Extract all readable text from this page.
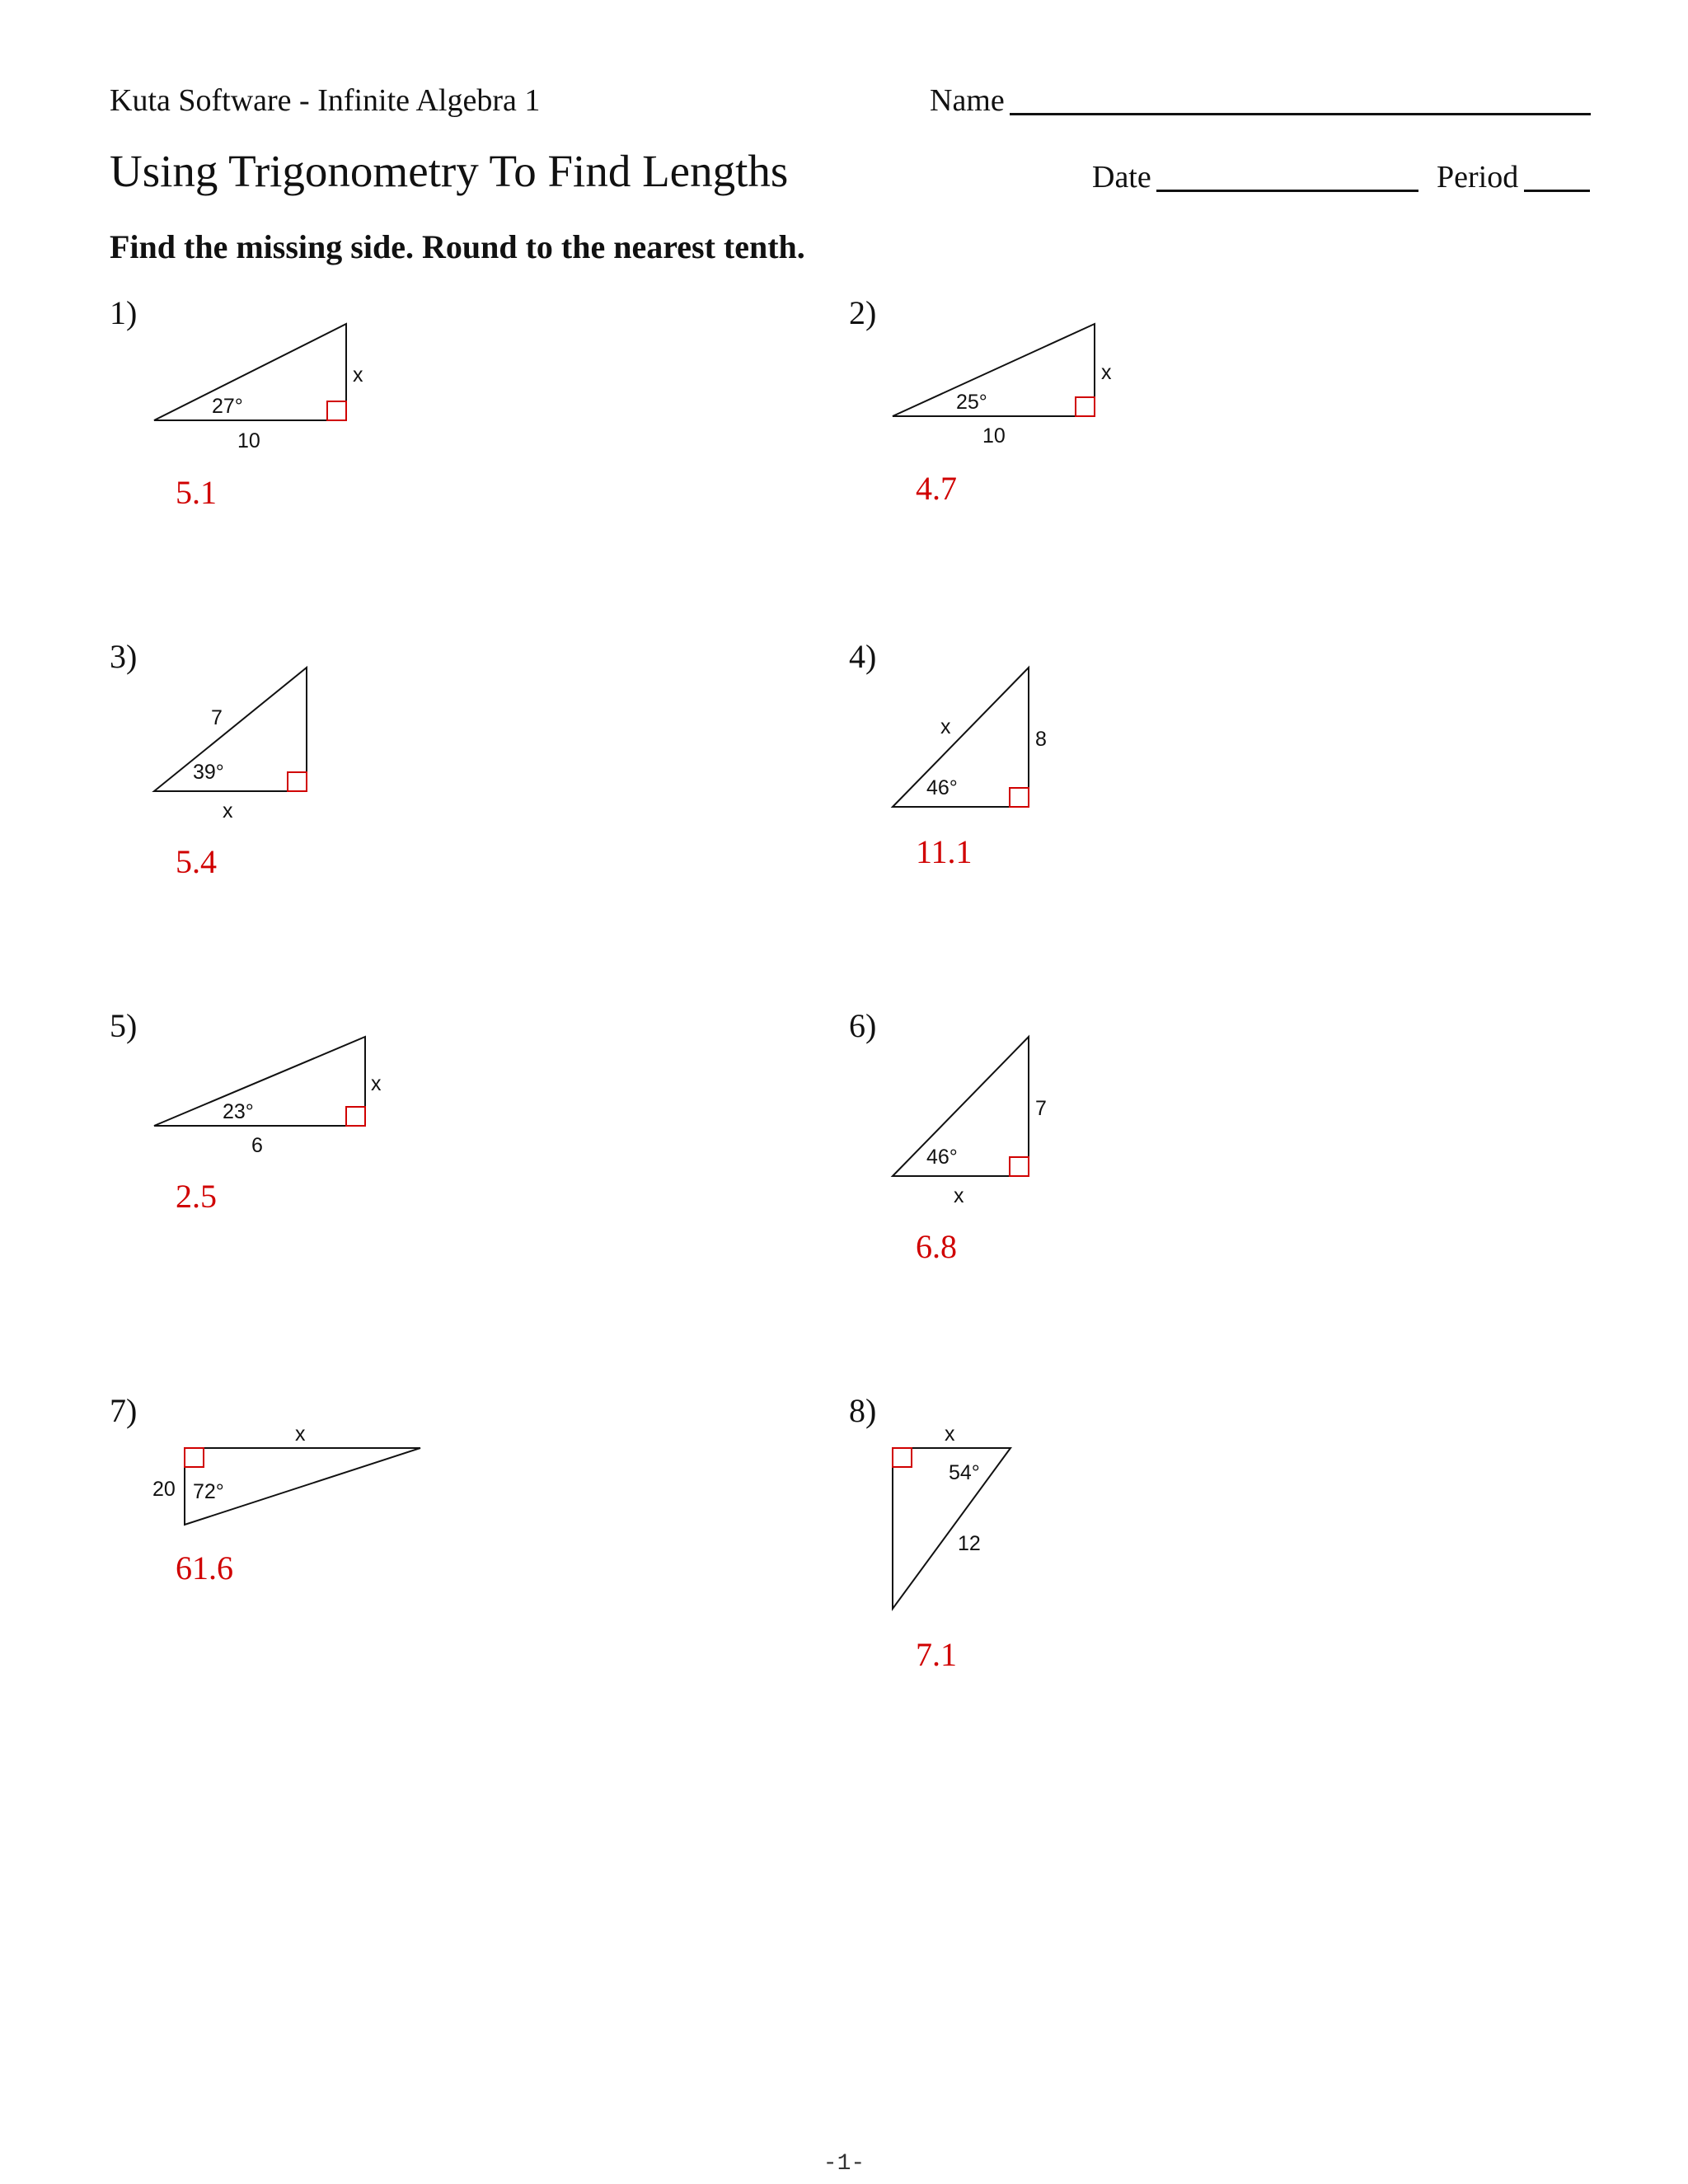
Kuta Software - Infinite Algebra 1	Name
Using Trigonometry To Find Lengths	Date	Period
Find the missing side. Round to the nearest tenth.
1)	2)
3)	4)
5)	6)
7)	8)
5.1	4.7
5.4	11.1
2.5
6.8
61.6
7.1
27°
x
10
25°
x
10
39°
7
x
46°
x
8
23°
x
6	46°
7
x
72°
x
20
54°
x
12
-1-
